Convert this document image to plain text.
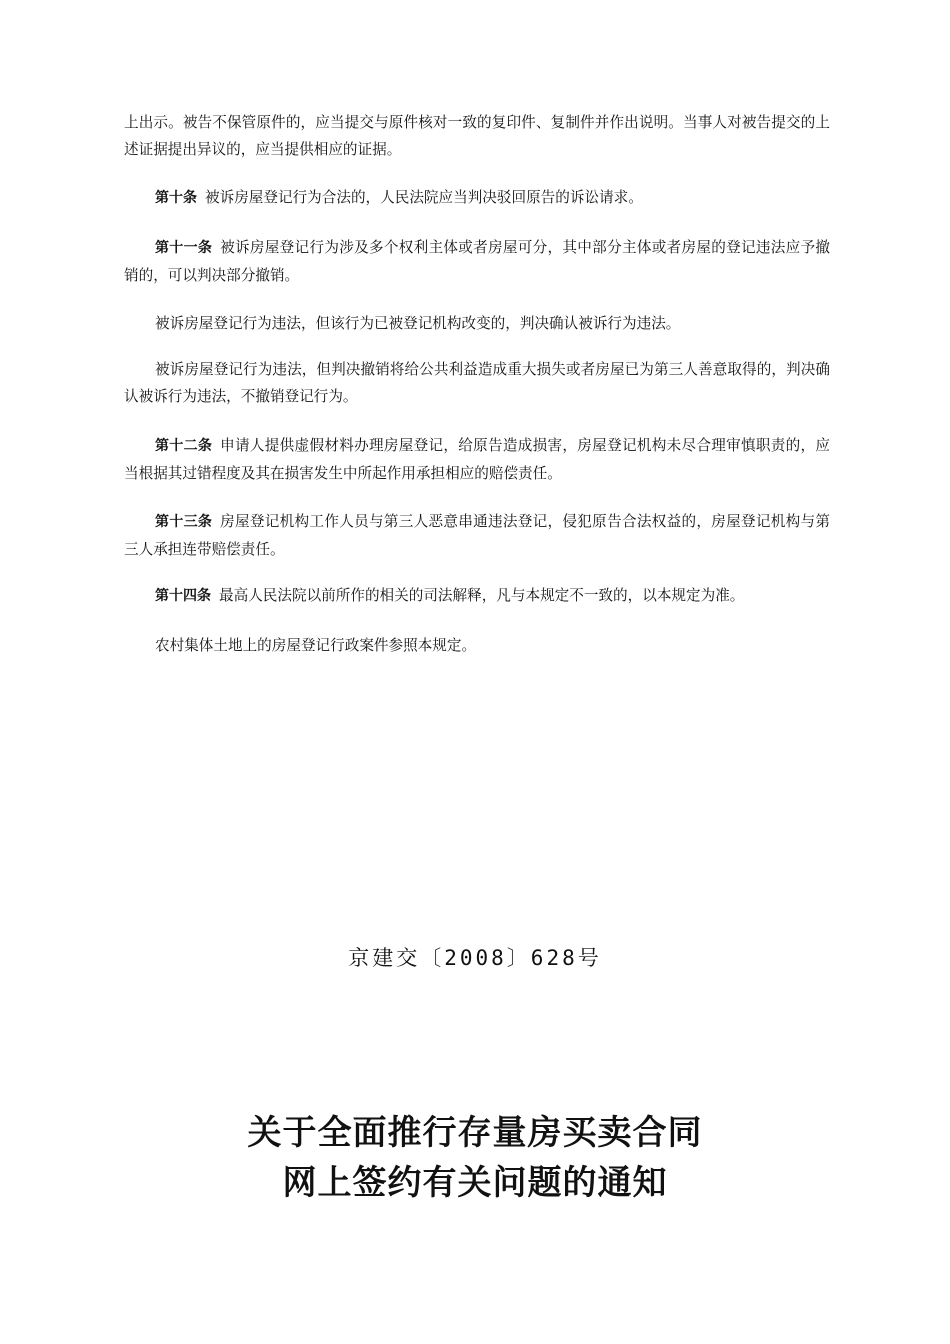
上出示。被告不保管原件的，应当提交与原件核对一致的复印件、复制件并作出说明。当事人对被告提交的上述证据提出异议的，应当提供相应的证据。

第十条 被诉房屋登记行为合法的，人民法院应当判决驳回原告的诉讼请求。

第十一条 被诉房屋登记行为涉及多个权利主体或者房屋可分，其中部分主体或者房屋的登记违法应予撤销的，可以判决部分撤销。

被诉房屋登记行为违法，但该行为已被登记机构改变的，判决确认被诉行为违法。

被诉房屋登记行为违法，但判决撤销将给公共利益造成重大损失或者房屋已为第三人善意取得的，判决确认被诉行为违法，不撤销登记行为。

第十二条 申请人提供虚假材料办理房屋登记，给原告造成损害，房屋登记机构未尽合理审慎职责的，应当根据其过错程度及其在损害发生中所起作用承担相应的赔偿责任。

第十三条 房屋登记机构工作人员与第三人恶意串通违法登记，侵犯原告合法权益的，房屋登记机构与第三人承担连带赔偿责任。

第十四条 最高人民法院以前所作的相关的司法解释，凡与本规定不一致的，以本规定为准。

农村集体土地上的房屋登记行政案件参照本规定。

京建交〔2008〕628号
关于全面推行存量房买卖合同
网上签约有关问题的通知
